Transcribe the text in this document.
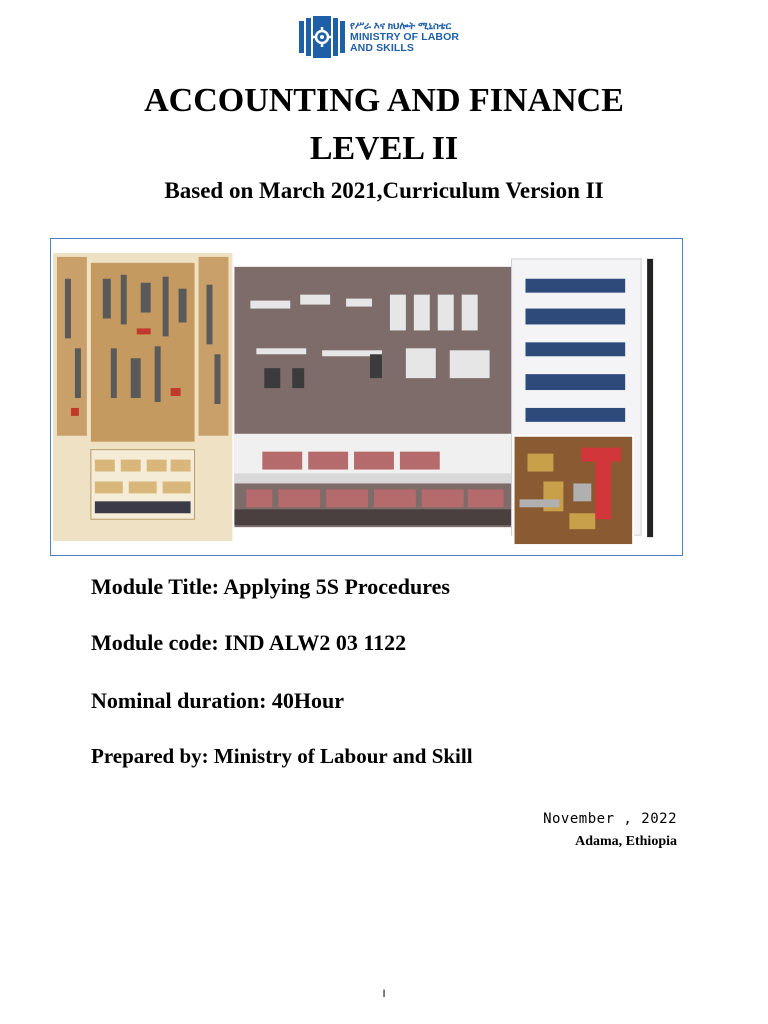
የሥራ እና ክህሎት ሚኒስቴር
MINISTRY OF LABOR
AND SKILLS
ACCOUNTING AND FINANCE
LEVEL II
Based on March 2021,Curriculum Version II
Module Title: Applying 5S Procedures
Module code: IND ALW2 03 1122
Nominal duration: 40Hour
Prepared by: Ministry of Labour and Skill
November , 2022
Adama, Ethiopia
I
